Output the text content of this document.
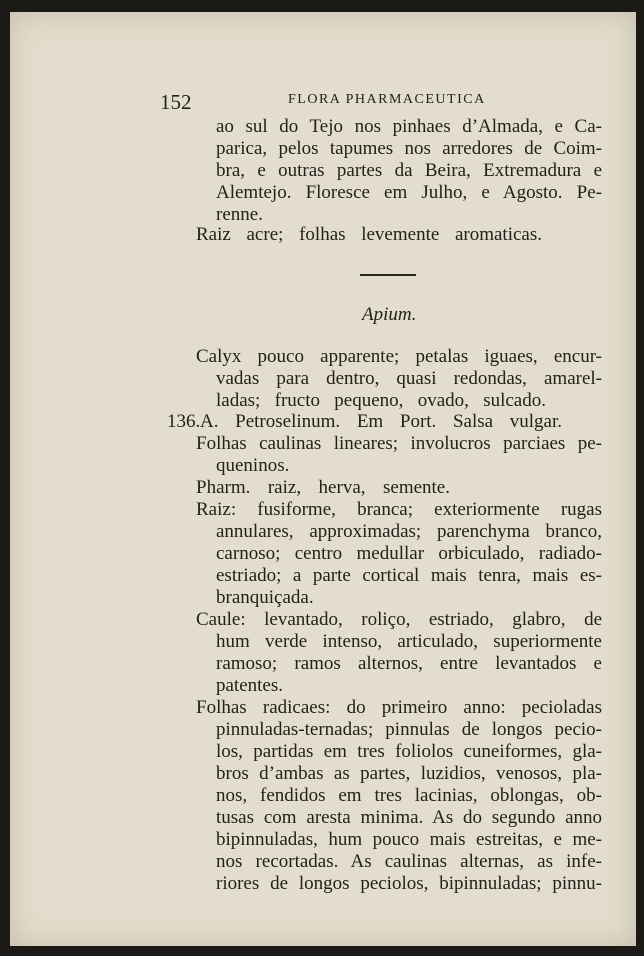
152	FLORA PHARMACEUTICA
ao sul do Tejo nos pinhaes d’Almada, e Ca-
parica, pelos tapumes nos arredores de Coim-
bra, e outras partes da Beira, Extremadura e
Alemtejo. Floresce em Julho, e Agosto. Pe-
renne.
Raiz acre; folhas levemente aromaticas.
Apium.
Calyx pouco apparente; petalas iguaes, encur-
vadas para dentro, quasi redondas, amarel-
ladas; fructo pequeno, ovado, sulcado.
136. A. Petroselinum. Em Port. Salsa vulgar.
Folhas caulinas lineares; involucros parciaes pe-
queninos.
Pharm. raiz, herva, semente.
Raiz: fusiforme, branca; exteriormente rugas
annulares, approximadas; parenchyma branco,
carnoso; centro medullar orbiculado, radiado-
estriado; a parte cortical mais tenra, mais es-
branquiçada.
Caule: levantado, roliço, estriado, glabro, de
hum verde intenso, articulado, superiormente
ramoso; ramos alternos, entre levantados e
patentes.
Folhas radicaes: do primeiro anno: pecioladas
pinnuladas-ternadas; pinnulas de longos pecio-
los, partidas em tres foliolos cuneiformes, gla-
bros d’ambas as partes, luzidios, venosos, pla-
nos, fendidos em tres lacinias, oblongas, ob-
tusas com aresta minima. As do segundo anno
bipinnuladas, hum pouco mais estreitas, e me-
nos recortadas. As caulinas alternas, as infe-
riores de longos peciolos, bipinnuladas; pinnu-
